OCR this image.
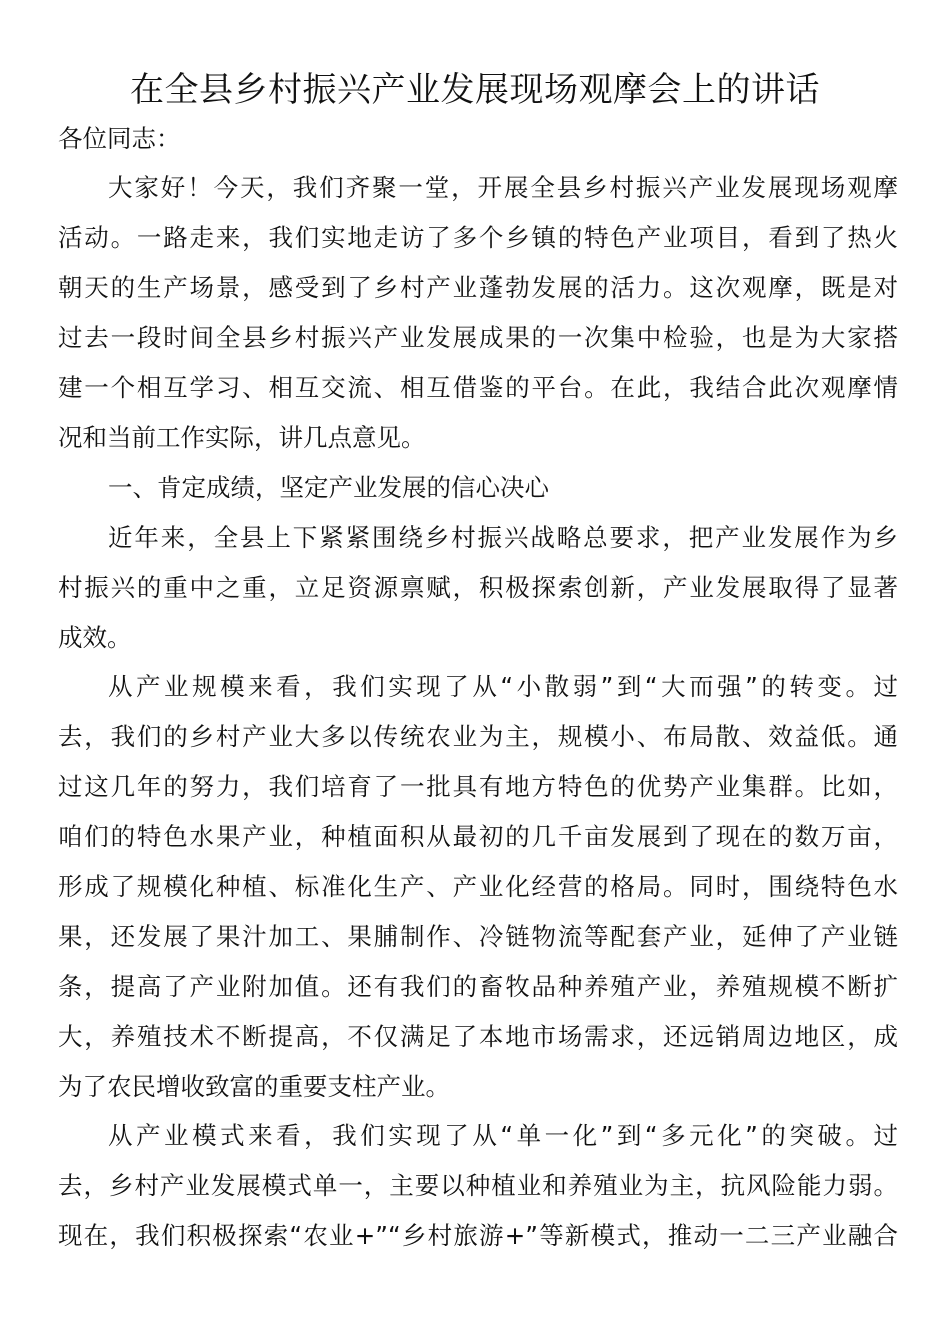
在全县乡村振兴产业发展现场观摩会上的讲话
各位同志：
大家好！今天，我们齐聚一堂，开展全县乡村振兴产业发展现场观摩
活动。一路走来，我们实地走访了多个乡镇的特色产业项目，看到了热火
朝天的生产场景，感受到了乡村产业蓬勃发展的活力。这次观摩，既是对
过去一段时间全县乡村振兴产业发展成果的一次集中检验，也是为大家搭
建一个相互学习、相互交流、相互借鉴的平台。在此，我结合此次观摩情
况和当前工作实际，讲几点意见。
一、肯定成绩，坚定产业发展的信心决心
近年来，全县上下紧紧围绕乡村振兴战略总要求，把产业发展作为乡
村振兴的重中之重，立足资源禀赋，积极探索创新，产业发展取得了显著
成效。
从产业规模来看，我们实现了从“小散弱”到“大而强”的转变。过
去，我们的乡村产业大多以传统农业为主，规模小、布局散、效益低。通
过这几年的努力，我们培育了一批具有地方特色的优势产业集群。比如，
咱们的特色水果产业，种植面积从最初的几千亩发展到了现在的数万亩，
形成了规模化种植、标准化生产、产业化经营的格局。同时，围绕特色水
果，还发展了果汁加工、果脯制作、冷链物流等配套产业，延伸了产业链
条，提高了产业附加值。还有我们的畜牧品种养殖产业，养殖规模不断扩
大，养殖技术不断提高，不仅满足了本地市场需求，还远销周边地区，成
为了农民增收致富的重要支柱产业。
从产业模式来看，我们实现了从“单一化”到“多元化”的突破。过
去，乡村产业发展模式单一，主要以种植业和养殖业为主，抗风险能力弱。
现在，我们积极探索“农业+”“乡村旅游+”等新模式，推动一二三产业融合
